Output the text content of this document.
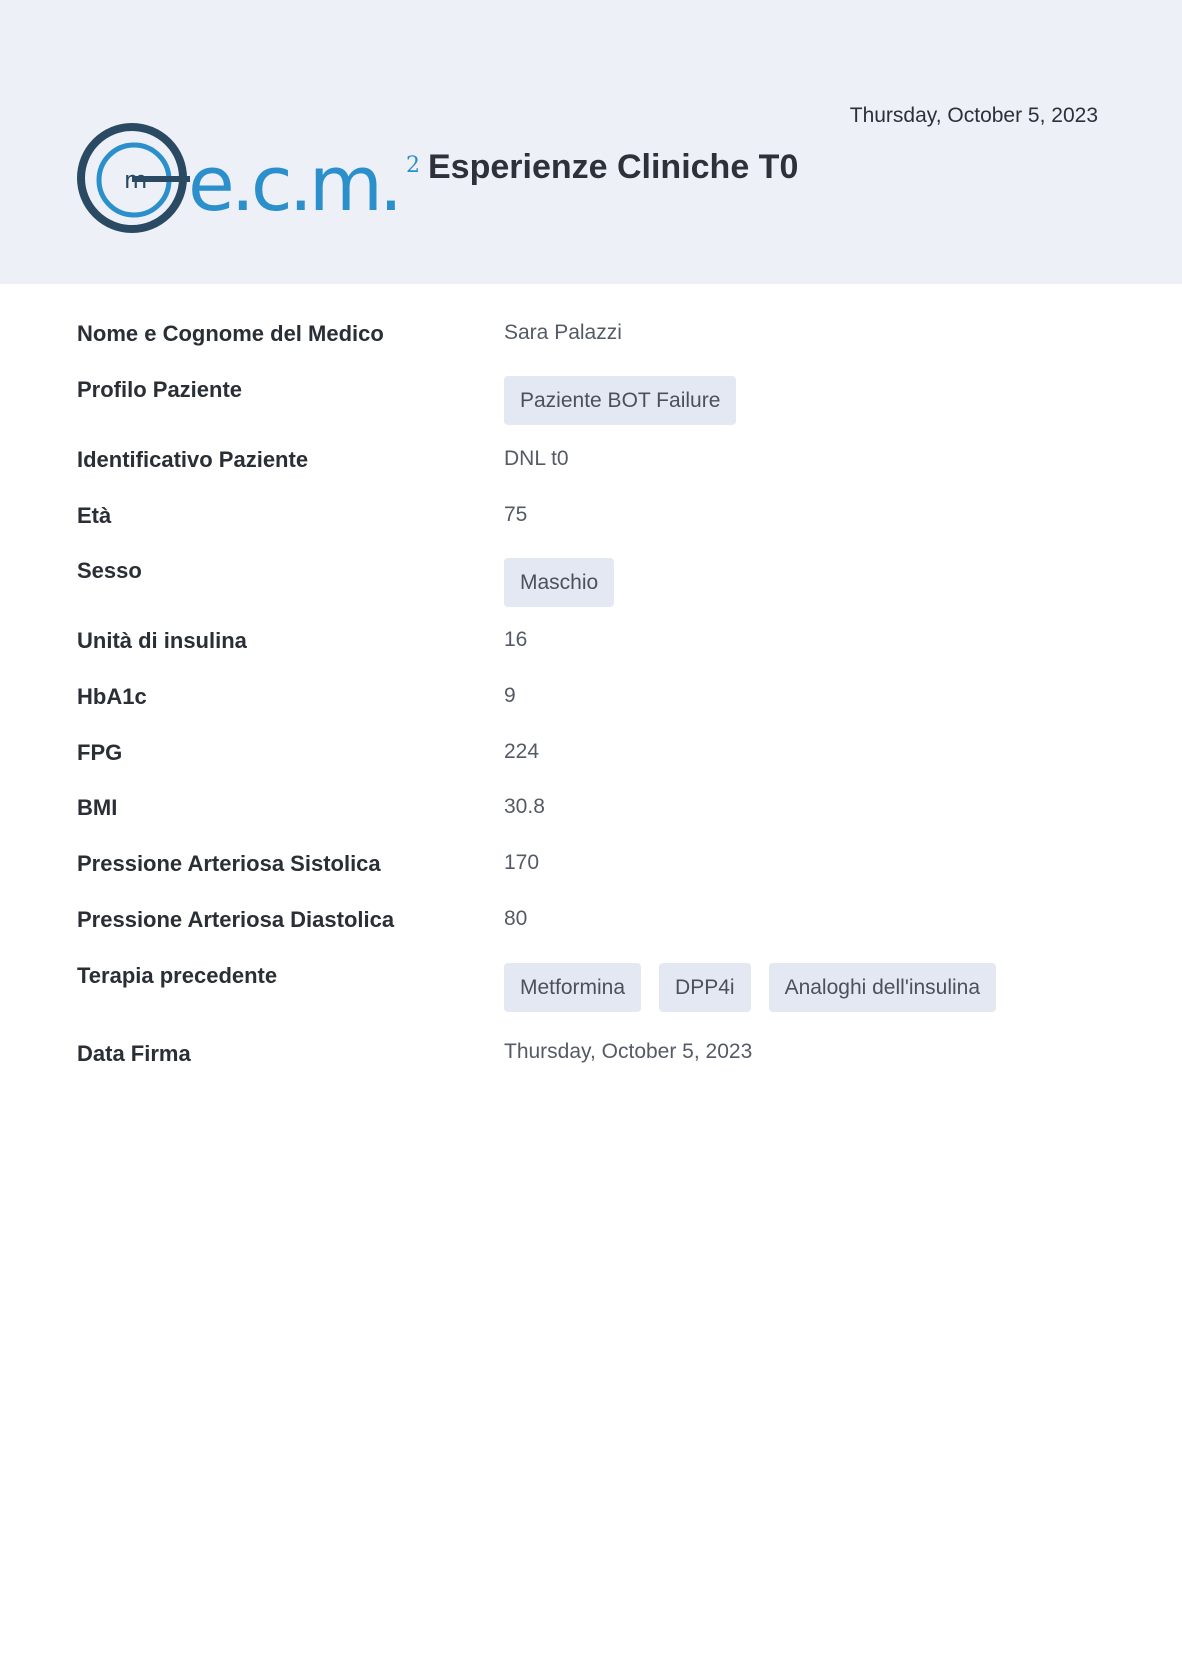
m e.c.m. 2 Esperienze Cliniche T0
Thursday, October 5, 2023
Nome e Cognome del Medico	Sara Palazzi
Profilo Paziente	Paziente BOT Failure
Identificativo Paziente	DNL t0
Età	75
Sesso	Maschio
Unità di insulina	16
HbA1c	9
FPG	224
BMI	30.8
Pressione Arteriosa Sistolica	170
Pressione Arteriosa Diastolica	80
Terapia precedente	Metformina	DPP4i	Analoghi dell'insulina
Data Firma	Thursday, October 5, 2023
